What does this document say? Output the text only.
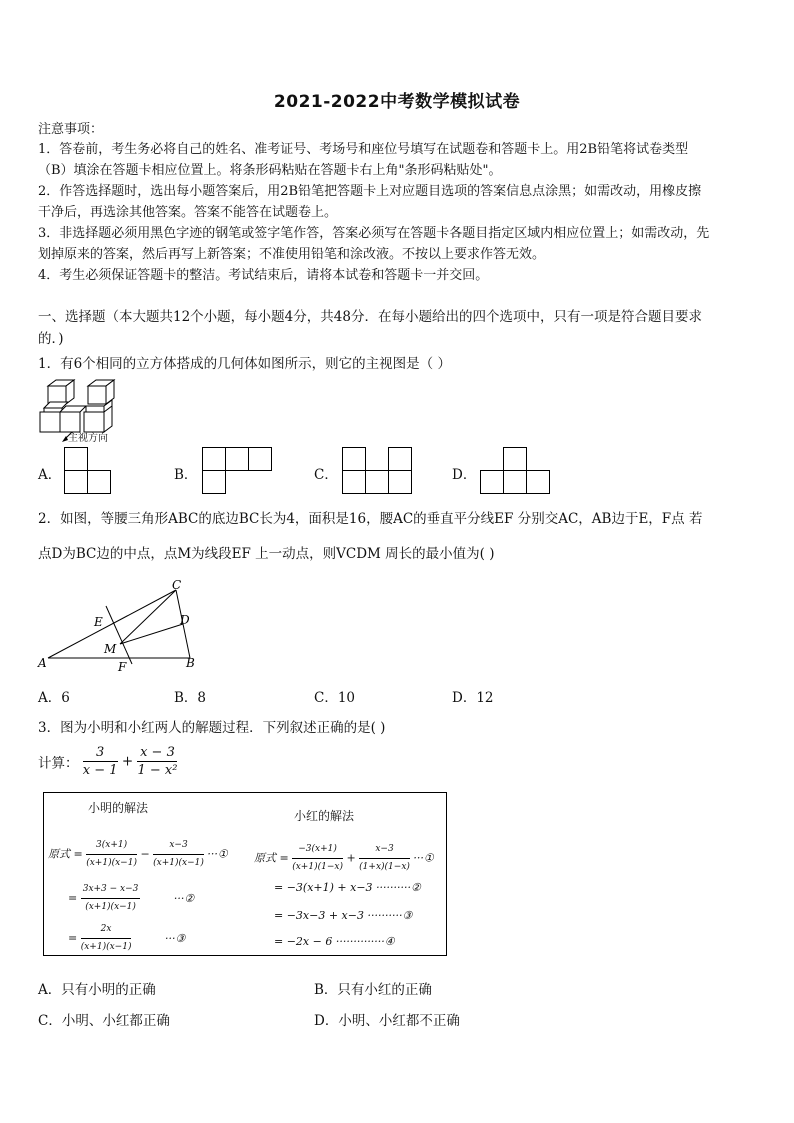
2021-2022中考数学模拟试卷
注意事项：
1．答卷前，考生务必将自己的姓名、准考证号、考场号和座位号填写在试题卷和答题卡上。用2B铅笔将试卷类型
（B）填涂在答题卡相应位置上。将条形码粘贴在答题卡右上角"条形码粘贴处"。
2．作答选择题时，选出每小题答案后，用2B铅笔把答题卡上对应题目选项的答案信息点涂黑；如需改动，用橡皮擦
干净后，再选涂其他答案。答案不能答在试题卷上。
3．非选择题必须用黑色字迹的钢笔或签字笔作答，答案必须写在答题卡各题目指定区域内相应位置上；如需改动，先
划掉原来的答案，然后再写上新答案；不准使用铅笔和涂改液。不按以上要求作答无效。
4．考生必须保证答题卡的整洁。考试结束后，请将本试卷和答题卡一并交回。
一、选择题（本大题共12个小题，每小题4分，共48分．在每小题给出的四个选项中，只有一项是符合题目要求
的．)
1．有6个相同的立方体搭成的几何体如图所示，则它的主视图是（ ）
主视方向
A．	B．	C．	D．
2．如图，等腰三角形ABC的底边BC长为4，面积是16，腰AC的垂直平分线EF 分别交AC，AB边于E，F点 若
点D为BC边的中点，点M为线段EF 上一动点，则VCDM 周长的最小值为( )
C
D
E
M
F
A	B
A．6	B．8	C．10	D．12
3．图为小明和小红两人的解题过程．下列叙述正确的是( )
计算： $\frac{3}{x - 1} + \frac{x - 3}{\text{1 − x²}}$
小明的解法
原式 = $\frac{3(x+1)}{(x+1)(x-1)} - \frac{x-3}{(x+1)(x-1)}$ ···①
= $\frac{3x+3 - x-3}{(x+1)(x-1)}$	···②
= $\frac{2x}{(x+1)(x-1)}$	···③
小红的解法
原式 = $\frac{-3(x+1)}{(x+1)(1-x)} + \frac{x-3}{(1+x)(1-x)}$ ···①
= −3(x+1) + x−3 ··········②
= −3x−3 + x−3 ··········③
= −2x − 6 ··············④
A．只有小明的正确	B．只有小红的正确
C．小明、小红都正确	D．小明、小红都不正确
